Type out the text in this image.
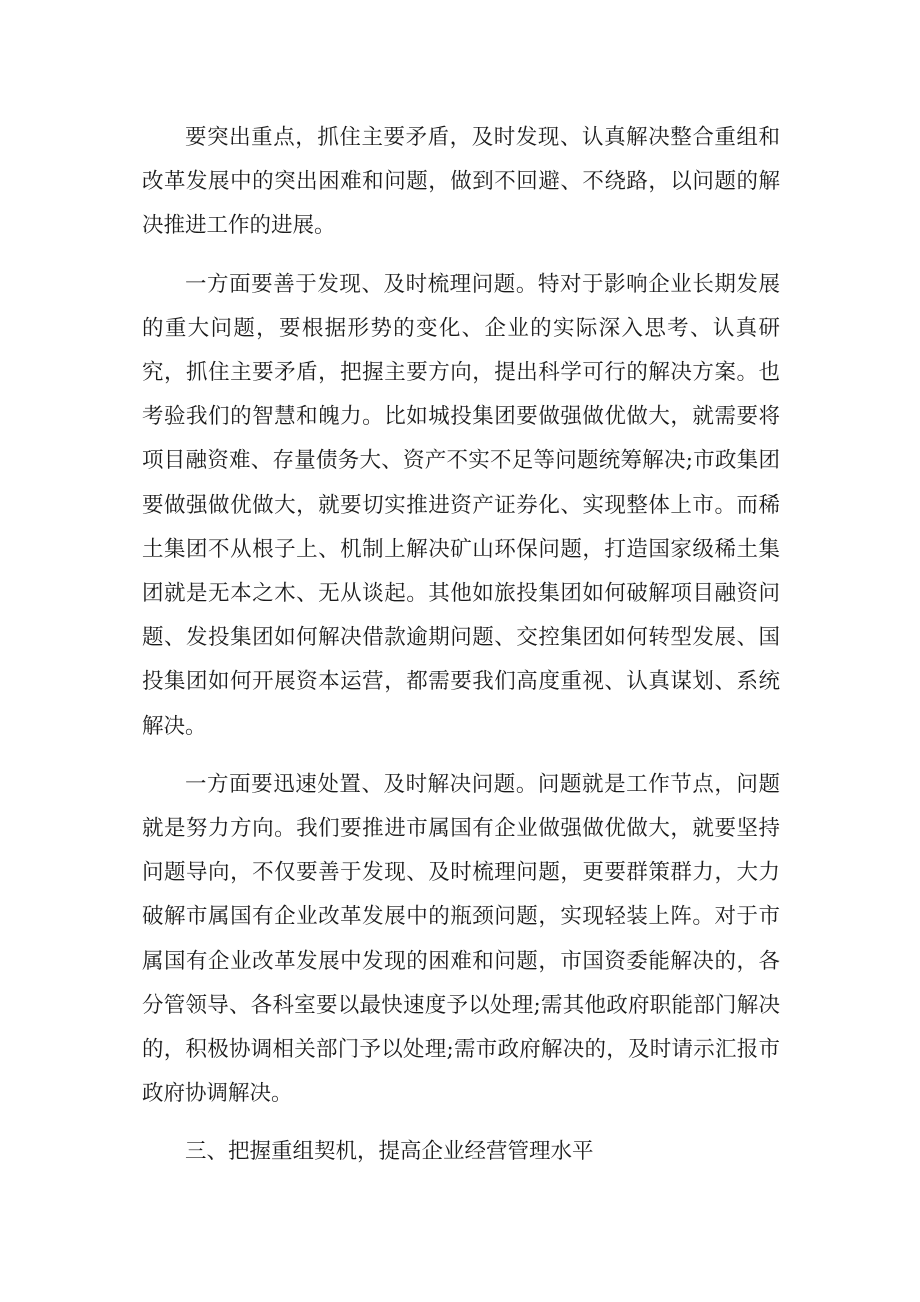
要突出重点，抓住主要矛盾，及时发现、认真解决整合重组和改革发展中的突出困难和问题，做到不回避、不绕路，以问题的解决推进工作的进展。

一方面要善于发现、及时梳理问题。特对于影响企业长期发展的重大问题，要根据形势的变化、企业的实际深入思考、认真研究，抓住主要矛盾，把握主要方向，提出科学可行的解决方案。也考验我们的智慧和魄力。比如城投集团要做强做优做大，就需要将项目融资难、存量债务大、资产不实不足等问题统筹解决;市政集团要做强做优做大，就要切实推进资产证券化、实现整体上市。而稀土集团不从根子上、机制上解决矿山环保问题，打造国家级稀土集团就是无本之木、无从谈起。其他如旅投集团如何破解项目融资问题、发投集团如何解决借款逾期问题、交控集团如何转型发展、国投集团如何开展资本运营，都需要我们高度重视、认真谋划、系统解决。

一方面要迅速处置、及时解决问题。问题就是工作节点，问题就是努力方向。我们要推进市属国有企业做强做优做大，就要坚持问题导向，不仅要善于发现、及时梳理问题，更要群策群力，大力破解市属国有企业改革发展中的瓶颈问题，实现轻装上阵。对于市属国有企业改革发展中发现的困难和问题，市国资委能解决的，各分管领导、各科室要以最快速度予以处理;需其他政府职能部门解决的，积极协调相关部门予以处理;需市政府解决的，及时请示汇报市政府协调解决。

三、把握重组契机，提高企业经营管理水平
